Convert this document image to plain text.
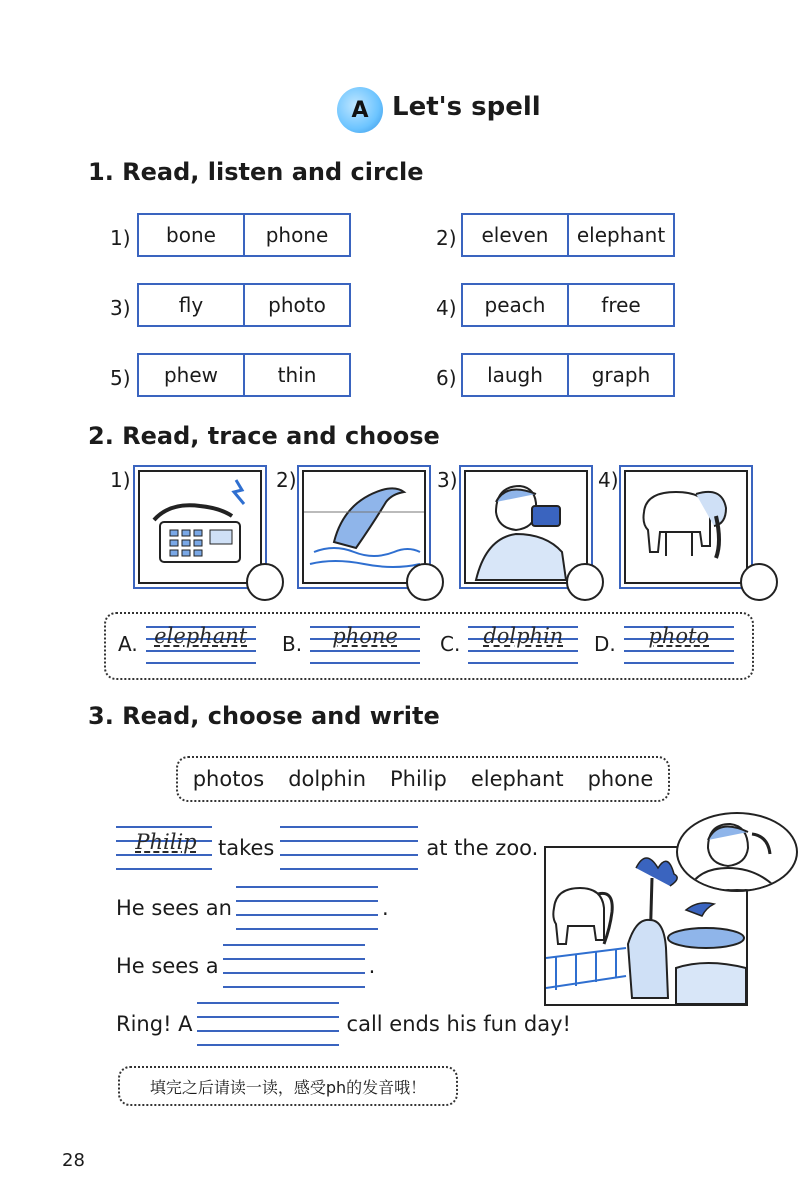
A Let's spell
1. Read, listen and circle
1)	bone	phone	2)	eleven	elephant
3)	fly	photo	4)	peach	free
5)	phew	thin	6)	laugh	graph
2. Read, trace and choose
1)	2)	3)	4)
A. elephant	B.	phone	C.	dolphin	D.	photo
3. Read, choose and write
photos dolphin Philip elephant phone
Philip	takes	at the zoo.
He sees an	.
He sees a	.
Ring! A	call ends his fun day!
填完之后请读一读，感受ph的发音哦！
28
